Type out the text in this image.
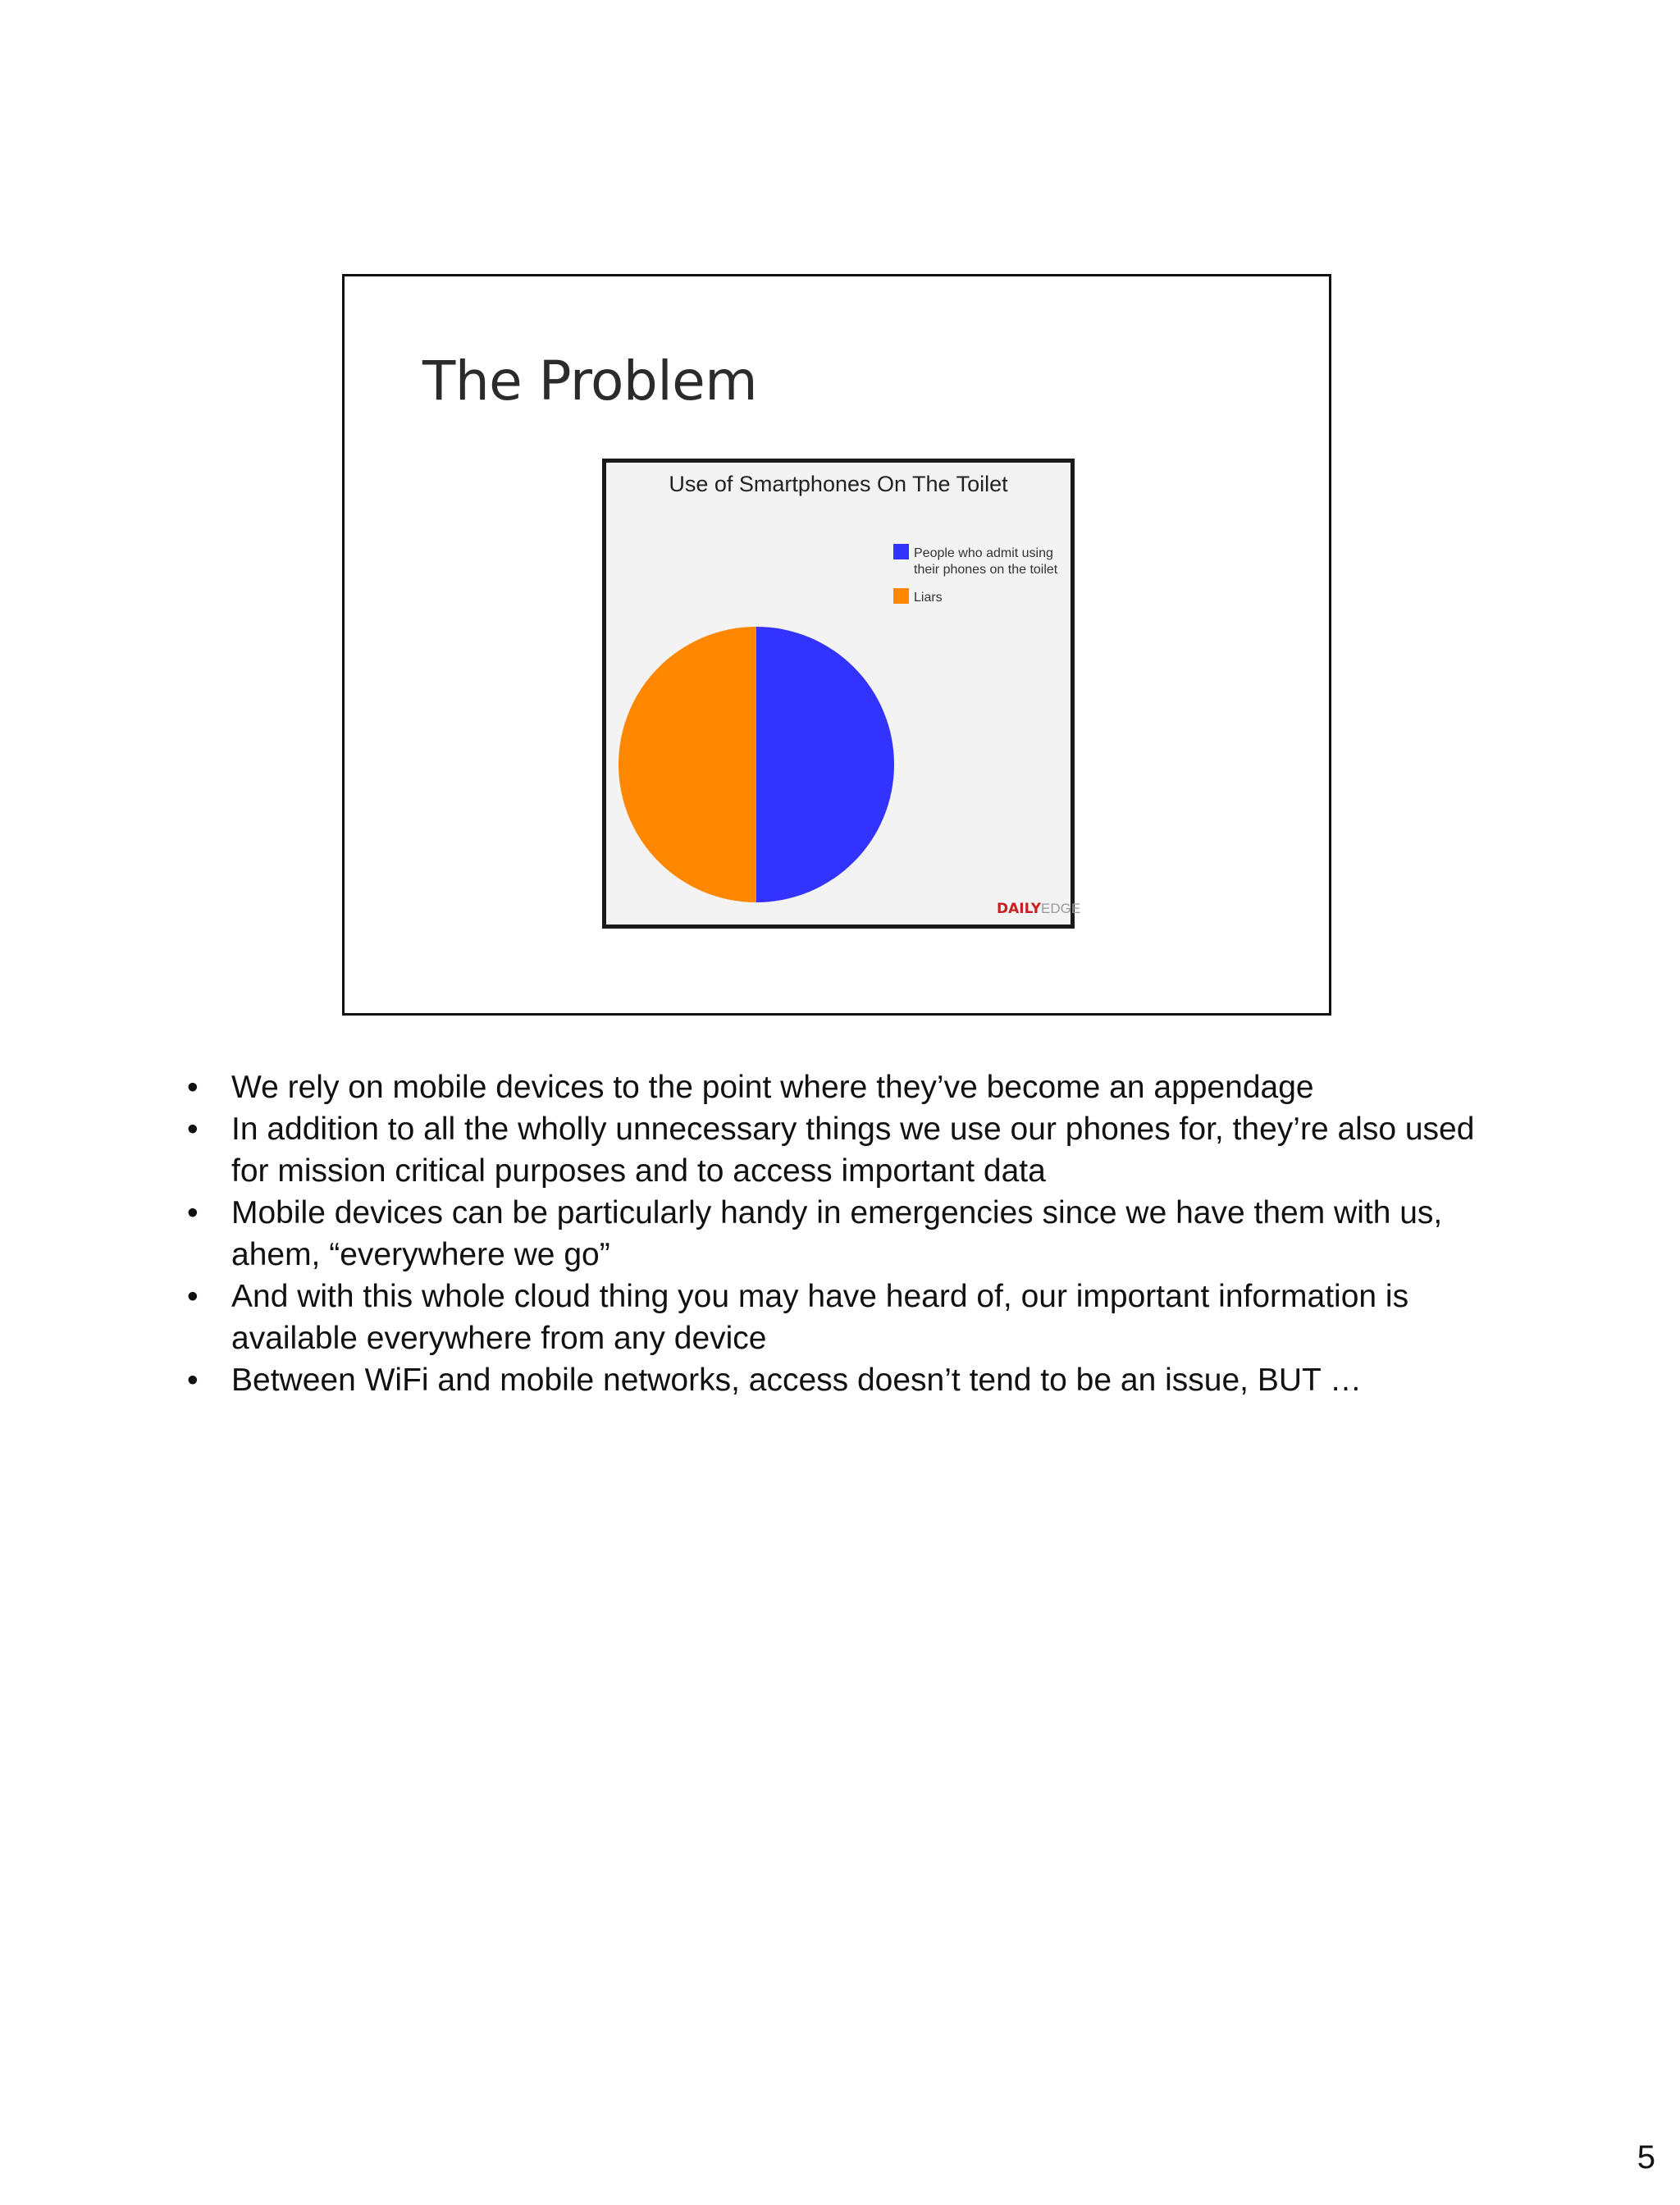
The Problem
Use of Smartphones On The Toilet
People who admit using
their phones on the toilet
Liars
DAILY EDGE
•	We rely on mobile devices to the point where they’ve become an appendage
•	In addition to all the wholly unnecessary things we use our phones for, they’re also used for mission critical purposes and to access important data
•	Mobile devices can be particularly handy in emergencies since we have them with us, ahem, “everywhere we go”
•	And with this whole cloud thing you may have heard of, our important information is available everywhere from any device
•	Between WiFi and mobile networks, access doesn’t tend to be an issue, BUT …
5
